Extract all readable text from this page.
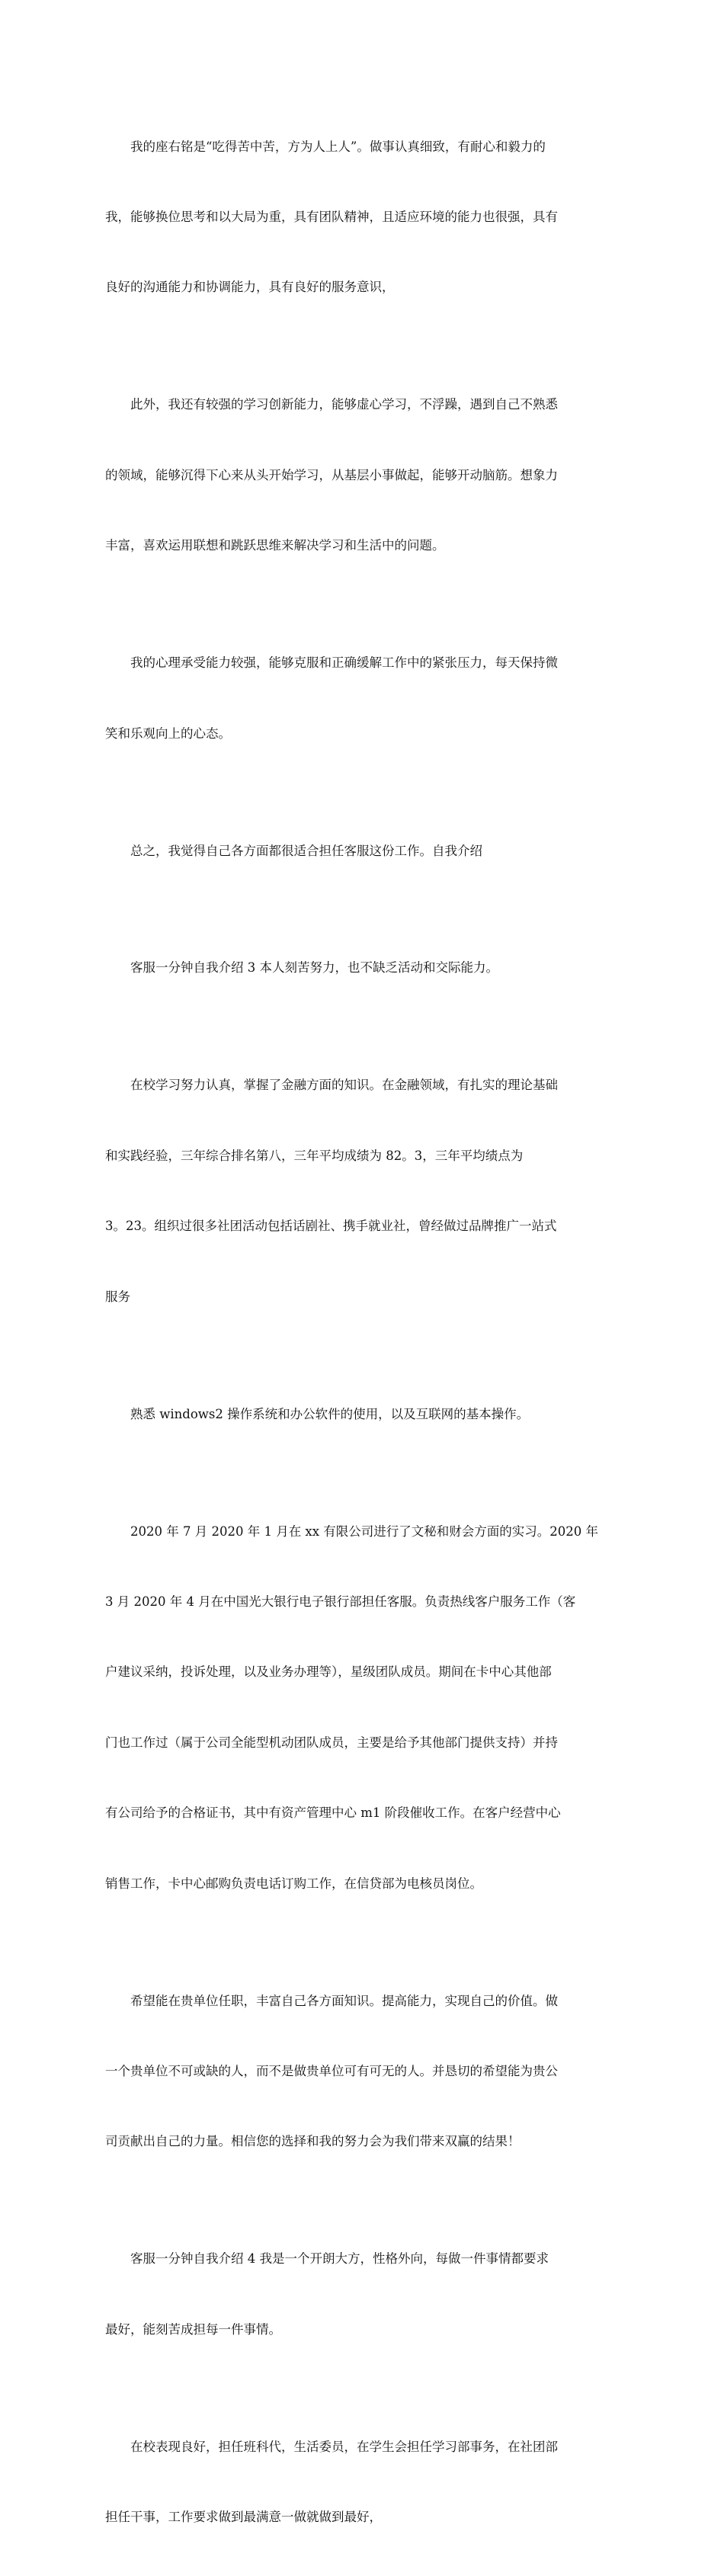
我的座右铭是“吃得苦中苦，方为人上人”。做事认真细致，有耐心和毅力的

我，能够换位思考和以大局为重，具有团队精神，且适应环境的能力也很强，具有

良好的沟通能力和协调能力，具有良好的服务意识，

此外，我还有较强的学习创新能力，能够虚心学习，不浮躁，遇到自己不熟悉

的领域，能够沉得下心来从头开始学习，从基层小事做起，能够开动脑筋。想象力

丰富，喜欢运用联想和跳跃思维来解决学习和生活中的问题。

我的心理承受能力较强，能够克服和正确缓解工作中的紧张压力，每天保持微

笑和乐观向上的心态。

总之，我觉得自己各方面都很适合担任客服这份工作。自我介绍

客服一分钟自我介绍 3 本人刻苦努力，也不缺乏活动和交际能力。

在校学习努力认真，掌握了金融方面的知识。在金融领域，有扎实的理论基础

和实践经验，三年综合排名第八，三年平均成绩为 82。3，三年平均绩点为

3。23。组织过很多社团活动包括话剧社、携手就业社，曾经做过品牌推广一站式

服务

熟悉 windows2 操作系统和办公软件的使用，以及互联网的基本操作。

2020 年 7 月 2020 年 1 月在 xx 有限公司进行了文秘和财会方面的实习。2020 年

3 月 2020 年 4 月在中国光大银行电子银行部担任客服。负责热线客户服务工作（客

户建议采纳，投诉处理，以及业务办理等），星级团队成员。期间在卡中心其他部

门也工作过（属于公司全能型机动团队成员，主要是给予其他部门提供支持）并持

有公司给予的合格证书，其中有资产管理中心 m1 阶段催收工作。在客户经营中心

销售工作，卡中心邮购负责电话订购工作，在信贷部为电核员岗位。

希望能在贵单位任职，丰富自己各方面知识。提高能力，实现自己的价值。做

一个贵单位不可或缺的人，而不是做贵单位可有可无的人。并恳切的希望能为贵公

司贡献出自己的力量。相信您的选择和我的努力会为我们带来双赢的结果！

客服一分钟自我介绍 4 我是一个开朗大方，性格外向，每做一件事情都要求

最好，能刻苦成担每一件事情。

在校表现良好，担任班科代，生活委员，在学生会担任学习部事务，在社团部

担任干事，工作要求做到最满意一做就做到最好，
